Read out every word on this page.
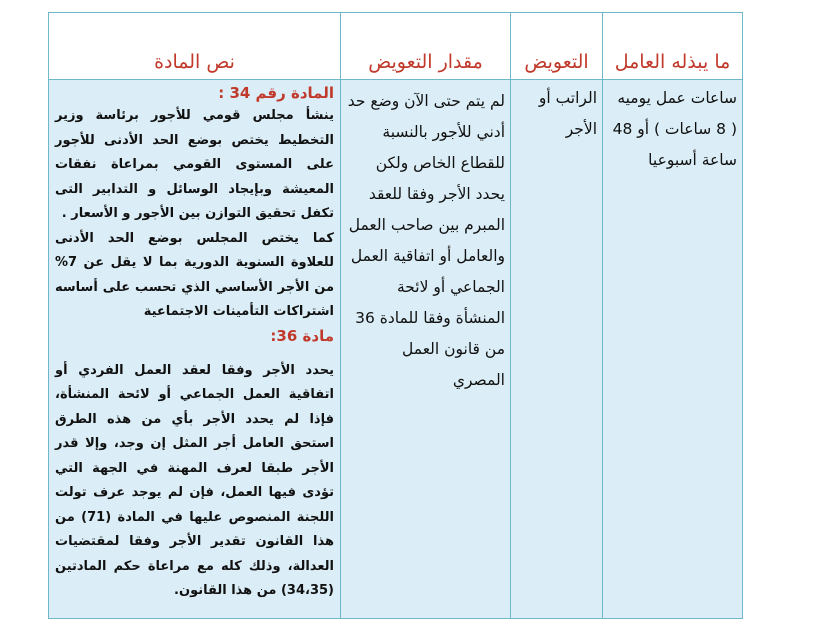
ما يبذله العامل	التعويض	مقدار التعويض	نص المادة

ساعات عمل يوميه ( 8 ساعات ) أو 48 ساعة أسبوعيا	الراتب أو الأجر	لم يتم حتى الآن وضع حد أدني للأجور بالنسبة للقطاع الخاص ولكن يحدد الأجر وفقا للعقد المبرم بين صاحب العمل والعامل أو اتفاقية العمل الجماعي أو لائحة المنشأة وفقا للمادة 36 من قانون العمل المصري	المادة رقم 34 :
ينشأ مجلس قومي للأجور برئاسة وزير التخطيط يختص بوضع الحد الأدنى للأجور على المستوى القومي بمراعاة نفقات المعيشة وبإيجاد الوسائل و التدابير التى تكفل تحقيق التوازن بين الأجور و الأسعار .
كما يختص المجلس بوضع الحد الأدنى للعلاوة السنوية الدورية بما لا يقل عن 7% من الأجر الأساسي الذي تحسب على أساسه اشتراكات التأمينات الاجتماعية
مادة 36:
يحدد الأجر وفقا لعقد العمل الفردي أو اتفاقية العمل الجماعي أو لائحة المنشأة، فإذا لم يحدد الأجر بأي من هذه الطرق استحق العامل أجر المثل إن وجد، وإلا قدر الأجر طبقا لعرف المهنة في الجهة التي تؤدى فيها العمل، فإن لم يوجد عرف تولت اللجنة المنصوص عليها في المادة (71) من هذا القانون تقدير الأجر وفقا لمقتضيات العدالة، وذلك كله مع مراعاة حكم المادتين (34،35) من هذا القانون.
